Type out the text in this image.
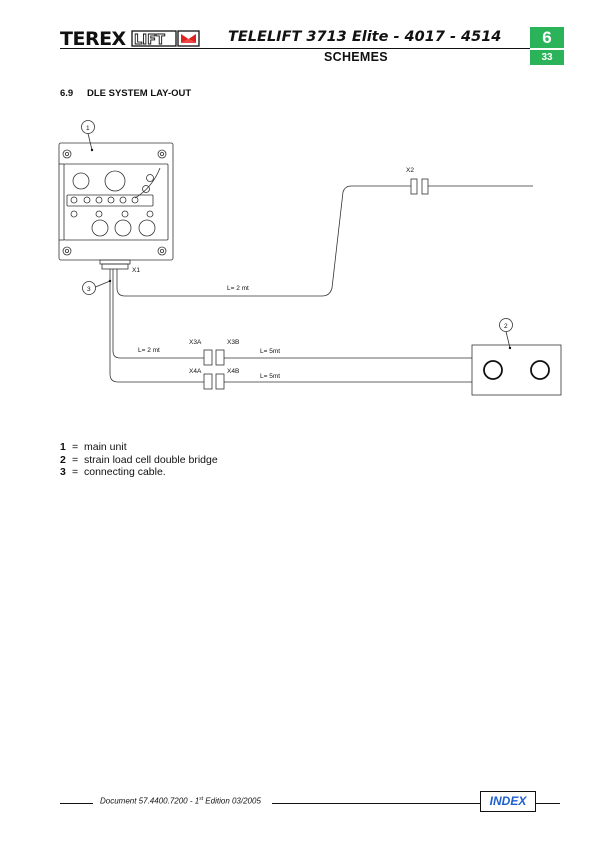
TEREX LIFT	TELELIFT 3713 Elite - 4017 - 4514
SCHEMES
6
33
6.9 DLE SYSTEM LAY-OUT
1
2
3
X1
X2
X3A	X3B
X4A	X4B
L= 2 mt
L= 2 mt	L= 5mt
L= 5mt
1 = main unit
2 = strain load cell double bridge
3 = connecting cable.
Document 57.4400.7200 - 1st Edition 03/2005	INDEX
